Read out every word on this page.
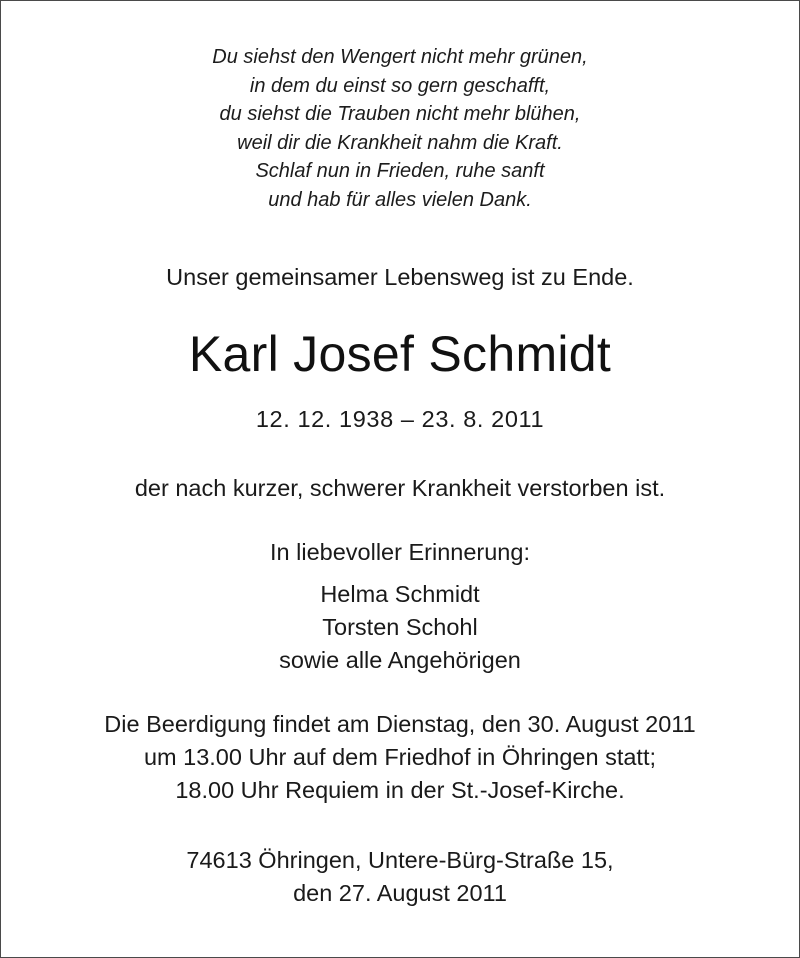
Du siehst den Wengert nicht mehr grünen,
in dem du einst so gern geschafft,
du siehst die Trauben nicht mehr blühen,
weil dir die Krankheit nahm die Kraft.
Schlaf nun in Frieden, ruhe sanft
und hab für alles vielen Dank.
Unser gemeinsamer Lebensweg ist zu Ende.
Karl Josef Schmidt
12. 12. 1938 – 23. 8. 2011
der nach kurzer, schwerer Krankheit verstorben ist.
In liebevoller Erinnerung:
Helma Schmidt
Torsten Schohl
sowie alle Angehörigen
Die Beerdigung findet am Dienstag, den 30. August 2011
um 13.00 Uhr auf dem Friedhof in Öhringen statt;
18.00 Uhr Requiem in der St.-Josef-Kirche.
74613 Öhringen, Untere-Bürg-Straße 15,
den 27. August 2011
